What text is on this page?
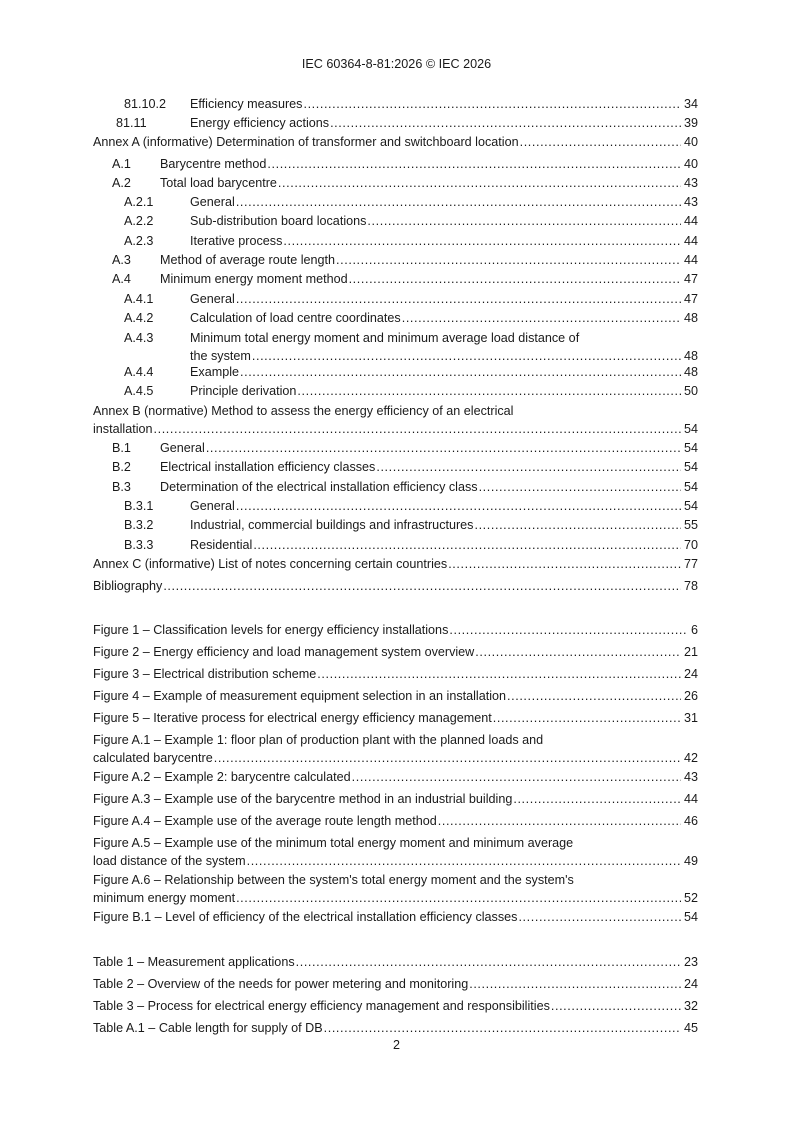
IEC 60364-8-81:2026 © IEC 2026
81.10.2	Efficiency measures .....	34
81.11	Energy efficiency actions .....	39
Annex A (informative) Determination of transformer and switchboard location .....	40
A.1	Barycentre method .....	40
A.2	Total load barycentre .....	43
A.2.1	General .....	43
A.2.2	Sub-distribution board locations .....	44
A.2.3	Iterative process .....	44
A.3	Method of average route length .....	44
A.4	Minimum energy moment method .....	47
A.4.1	General .....	47
A.4.2	Calculation of load centre coordinates .....	48
A.4.3	Minimum total energy moment and minimum average load distance of
the system .....	48
A.4.4	Example .....	48
A.4.5	Principle derivation .....	50
Annex B (normative) Method to assess the energy efficiency of an electrical
installation .....	54
B.1	General .....	54
B.2	Electrical installation efficiency classes .....	54
B.3	Determination of the electrical installation efficiency class .....	54
B.3.1	General .....	54
B.3.2	Industrial, commercial buildings and infrastructures .....	55
B.3.3	Residential .....	70
Annex C (informative) List of notes concerning certain countries .....	77
Bibliography .....	78
Figure 1 – Classification levels for energy efficiency installations .....	6
Figure 2 – Energy efficiency and load management system overview .....	21
Figure 3 – Electrical distribution scheme .....	24
Figure 4 – Example of measurement equipment selection in an installation .....	26
Figure 5 – Iterative process for electrical energy efficiency management .....	31
Figure A.1 – Example 1: floor plan of production plant with the planned loads and
calculated barycentre .....	42
Figure A.2 – Example 2: barycentre calculated .....	43
Figure A.3 – Example use of the barycentre method in an industrial building .....	44
Figure A.4 – Example use of the average route length method .....	46
Figure A.5 – Example use of the minimum total energy moment and minimum average
load distance of the system .....	49
Figure A.6 – Relationship between the system's total energy moment and the system's
minimum energy moment .....	52
Figure B.1 – Level of efficiency of the electrical installation efficiency classes .....	54
Table 1 – Measurement applications .....	23
Table 2 – Overview of the needs for power metering and monitoring .....	24
Table 3 – Process for electrical energy efficiency management and responsibilities .....	32
Table A.1 – Cable length for supply of DB .....	45
2
